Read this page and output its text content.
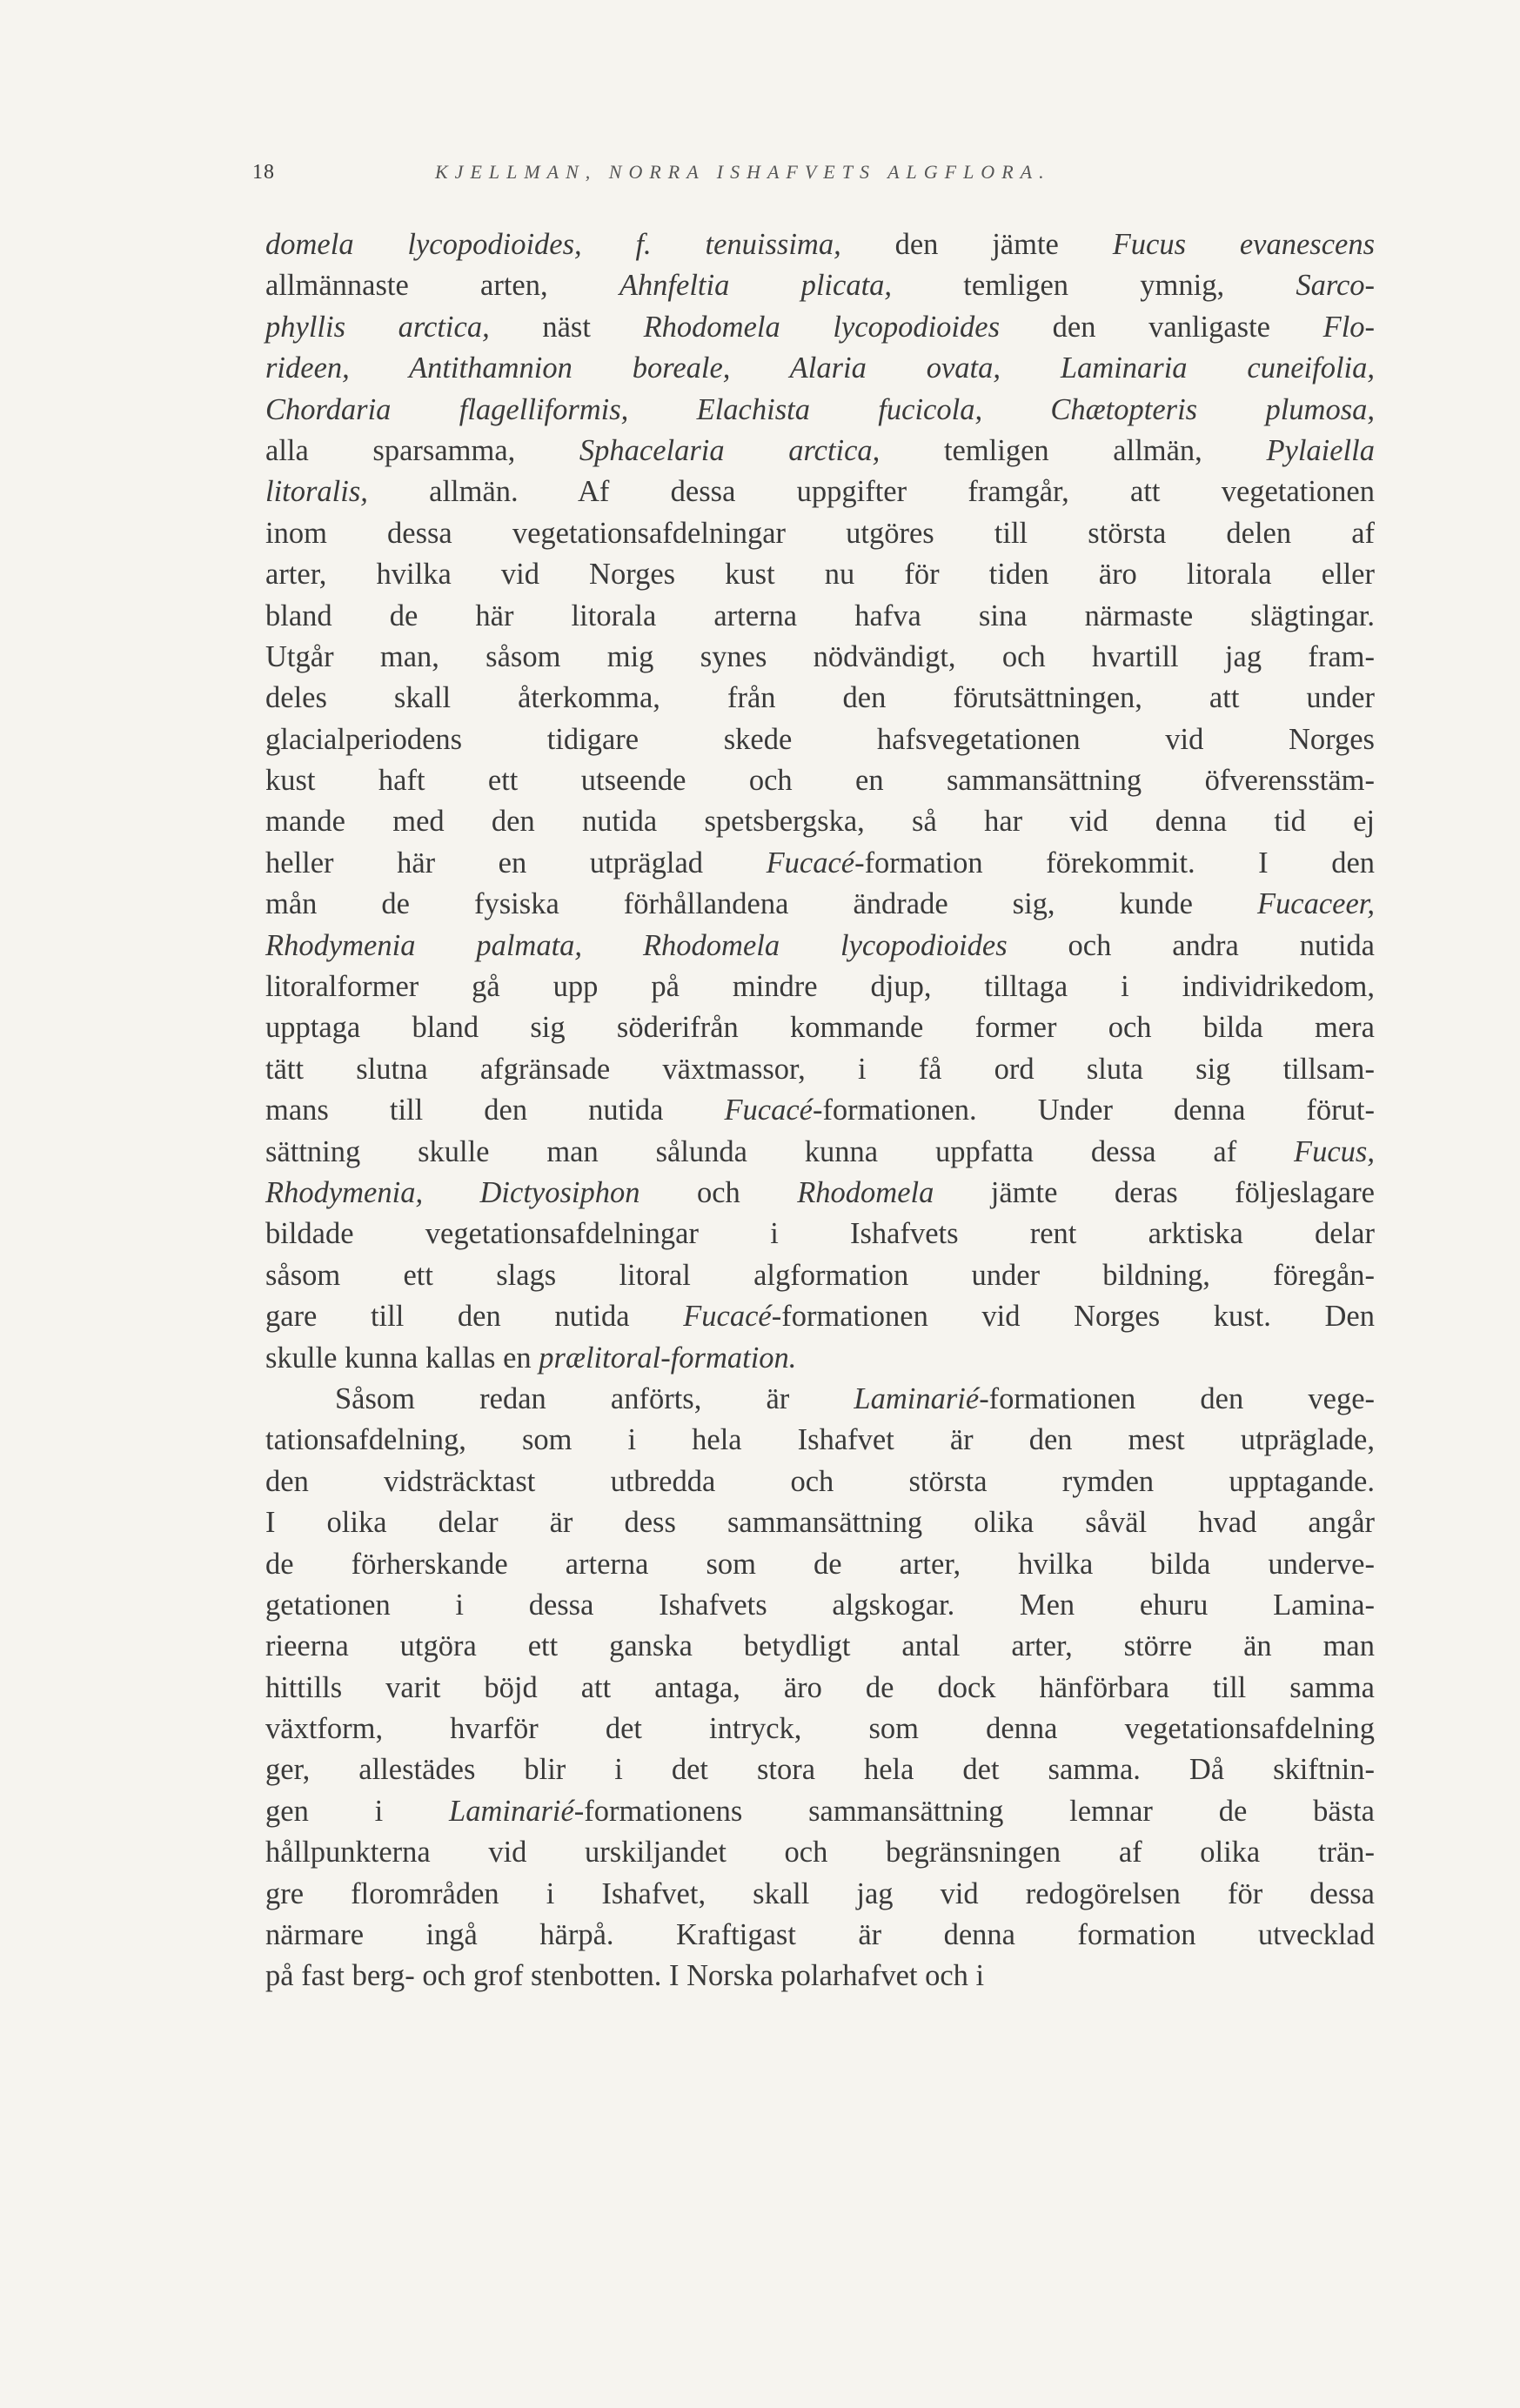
18	KJELLMAN, NORRA ISHAFVETS ALGFLORA.
domela lycopodioides, f. tenuissima, den jämte Fucus evanescens
allmännaste arten, Ahnfeltia plicata, temligen ymnig, Sarco-
phyllis arctica, näst Rhodomela lycopodioides den vanligaste Flo-
rideen, Antithamnion boreale, Alaria ovata, Laminaria cuneifolia,
Chordaria flagelliformis, Elachista fucicola, Chætopteris plumosa,
alla sparsamma, Sphacelaria arctica, temligen allmän, Pylaiella
litoralis, allmän. Af dessa uppgifter framgår, att vegetationen
inom dessa vegetationsafdelningar utgöres till största delen af
arter, hvilka vid Norges kust nu för tiden äro litorala eller
bland de här litorala arterna hafva sina närmaste slägtingar.
Utgår man, såsom mig synes nödvändigt, och hvartill jag fram-
deles skall återkomma, från den förutsättningen, att under
glacialperiodens tidigare skede hafsvegetationen vid Norges
kust haft ett utseende och en sammansättning öfverensstäm-
mande med den nutida spetsbergska, så har vid denna tid ej
heller här en utpräglad Fucacé-formation förekommit. I den
mån de fysiska förhållandena ändrade sig, kunde Fucaceer,
Rhodymenia palmata, Rhodomela lycopodioides och andra nutida
litoralformer gå upp på mindre djup, tilltaga i individrikedom,
upptaga bland sig söderifrån kommande former och bilda mera
tätt slutna afgränsade växtmassor, i få ord sluta sig tillsam-
mans till den nutida Fucacé-formationen. Under denna förut-
sättning skulle man sålunda kunna uppfatta dessa af Fucus,
Rhodymenia, Dictyosiphon och Rhodomela jämte deras följeslagare
bildade vegetationsafdelningar i Ishafvets rent arktiska delar
såsom ett slags litoral algformation under bildning, föregån-
gare till den nutida Fucacé-formationen vid Norges kust. Den
skulle kunna kallas en prælitoral-formation.
Såsom redan anförts, är Laminarié-formationen den vege-
tationsafdelning, som i hela Ishafvet är den mest utpräglade,
den vidsträcktast utbredda och största rymden upptagande.
I olika delar är dess sammansättning olika såväl hvad angår
de förherskande arterna som de arter, hvilka bilda underve-
getationen i dessa Ishafvets algskogar. Men ehuru Lamina-
rieerna utgöra ett ganska betydligt antal arter, större än man
hittills varit böjd att antaga, äro de dock hänförbara till samma
växtform, hvarför det intryck, som denna vegetationsafdelning
ger, allestädes blir i det stora hela det samma. Då skiftnin-
gen i Laminarié-formationens sammansättning lemnar de bästa
hållpunkterna vid urskiljandet och begränsningen af olika trän-
gre florområden i Ishafvet, skall jag vid redogörelsen för dessa
närmare ingå härpå. Kraftigast är denna formation utvecklad
på fast berg- och grof stenbotten. I Norska polarhafvet och i
